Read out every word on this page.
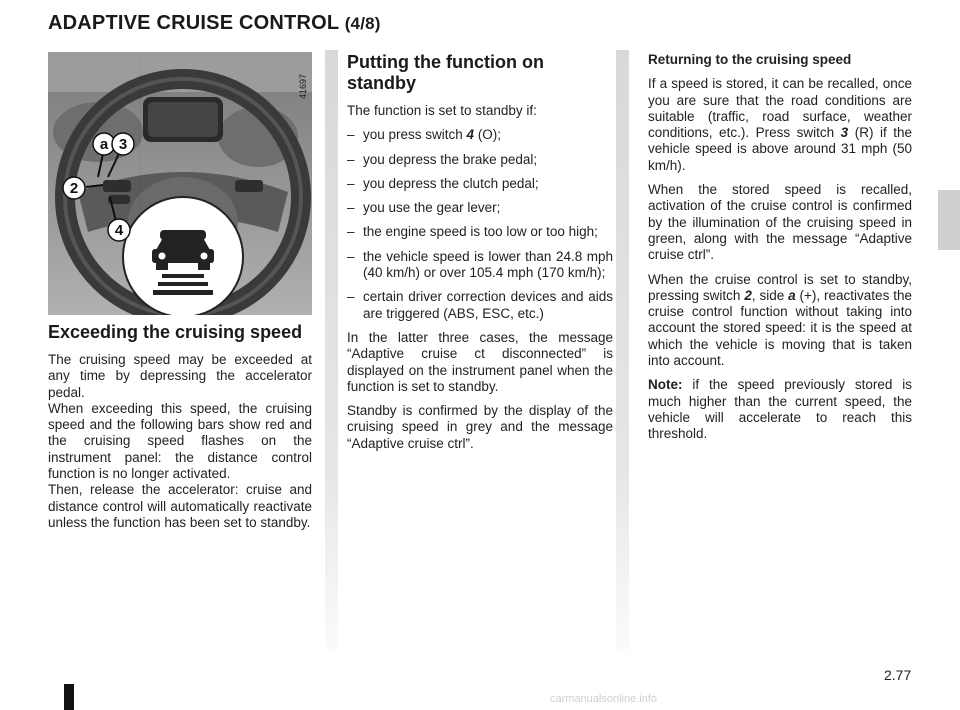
ADAPTIVE CRUISE CONTROL (4/8)
a 3
2
4
41697
Exceeding the cruising speed

The cruising speed may be exceeded at any time by depressing the accelerator pedal.

When exceeding this speed, the cruising speed and the following bars show red and the cruising speed flashes on the instrument panel: the distance control function is no longer activated.

Then, release the accelerator: cruise and distance control will automatically reactivate unless the function has been set to standby.

Putting the function on standby

The function is set to standby if:

– you press switch 4 (O);
– you depress the brake pedal;
– you depress the clutch pedal;
– you use the gear lever;
– the engine speed is too low or too high;
– the vehicle speed is lower than 24.8 mph (40 km/h) or over 105.4 mph (170 km/h);
– certain driver correction devices and aids are triggered (ABS, ESC, etc.)

In the latter three cases, the message “Adaptive cruise ct disconnected” is displayed on the instrument panel when the function is set to standby.

Standby is confirmed by the display of the cruising speed in grey and the message “Adaptive cruise ctrl”.

Returning to the cruising speed

If a speed is stored, it can be recalled, once you are sure that the road conditions are suitable (traffic, road surface, weather conditions, etc.). Press switch 3 (R) if the vehicle speed is above around 31 mph (50 km/h).

When the stored speed is recalled, activation of the cruise control is confirmed by the illumination of the cruising speed in green, along with the message “Adaptive cruise ctrl”.

When the cruise control is set to standby, pressing switch 2, side a (+), reactivates the cruise control function without taking into account the stored speed: it is the speed at which the vehicle is moving that is taken into account.

Note: if the speed previously stored is much higher than the current speed, the vehicle will accelerate to reach this threshold.

2.77
carmanualsonline.info
